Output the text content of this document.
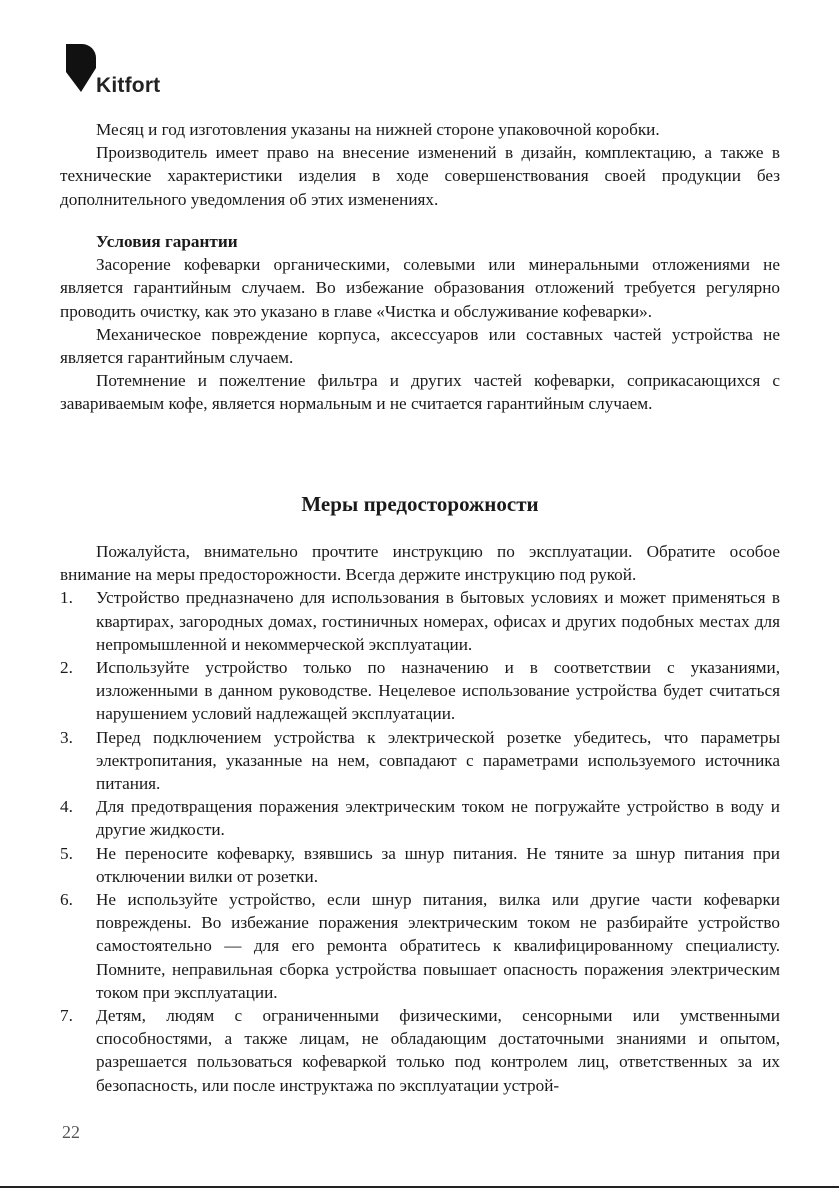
Kitfort

Месяц и год изготовления указаны на нижней стороне упаковочной коробки.

Производитель имеет право на внесение изменений в дизайн, комплектацию, а также в технические характеристики изделия в ходе совершенствования своей продукции без дополнительного уведомления об этих изменениях.

Условия гарантии

Засорение кофеварки органическими, солевыми или минеральными отложениями не является гарантийным случаем. Во избежание образования отложений требуется регулярно проводить очистку, как это указано в главе «Чистка и обслуживание кофеварки».

Механическое повреждение корпуса, аксессуаров или составных частей устройства не является гарантийным случаем.

Потемнение и пожелтение фильтра и других частей кофеварки, соприкасающихся с завариваемым кофе, является нормальным и не считается гарантийным случаем.

Меры предосторожности

Пожалуйста, внимательно прочтите инструкцию по эксплуатации. Обратите особое внимание на меры предосторожности. Всегда держите инструкцию под рукой.

1. Устройство предназначено для использования в бытовых условиях и может применяться в квартирах, загородных домах, гостиничных номерах, офисах и других подобных местах для непромышленной и некоммерческой эксплуатации.
2. Используйте устройство только по назначению и в соответствии с указаниями, изложенными в данном руководстве. Нецелевое использование устройства будет считаться нарушением условий надлежащей эксплуатации.
3. Перед подключением устройства к электрической розетке убедитесь, что параметры электропитания, указанные на нем, совпадают с параметрами используемого источника питания.
4. Для предотвращения поражения электрическим током не погружайте устройство в воду и другие жидкости.
5. Не переносите кофеварку, взявшись за шнур питания. Не тяните за шнур питания при отключении вилки от розетки.
6. Не используйте устройство, если шнур питания, вилка или другие части кофеварки повреждены. Во избежание поражения электрическим током не разбирайте устройство самостоятельно — для его ремонта обратитесь к квалифицированному специалисту. Помните, неправильная сборка устройства повышает опасность поражения электрическим током при эксплуатации.
7. Детям, людям с ограниченными физическими, сенсорными или умственными способностями, а также лицам, не обладающим достаточными знаниями и опытом, разрешается пользоваться кофеваркой только под контролем лиц, ответственных за их безопасность, или после инструктажа по эксплуатации устрой-
22
